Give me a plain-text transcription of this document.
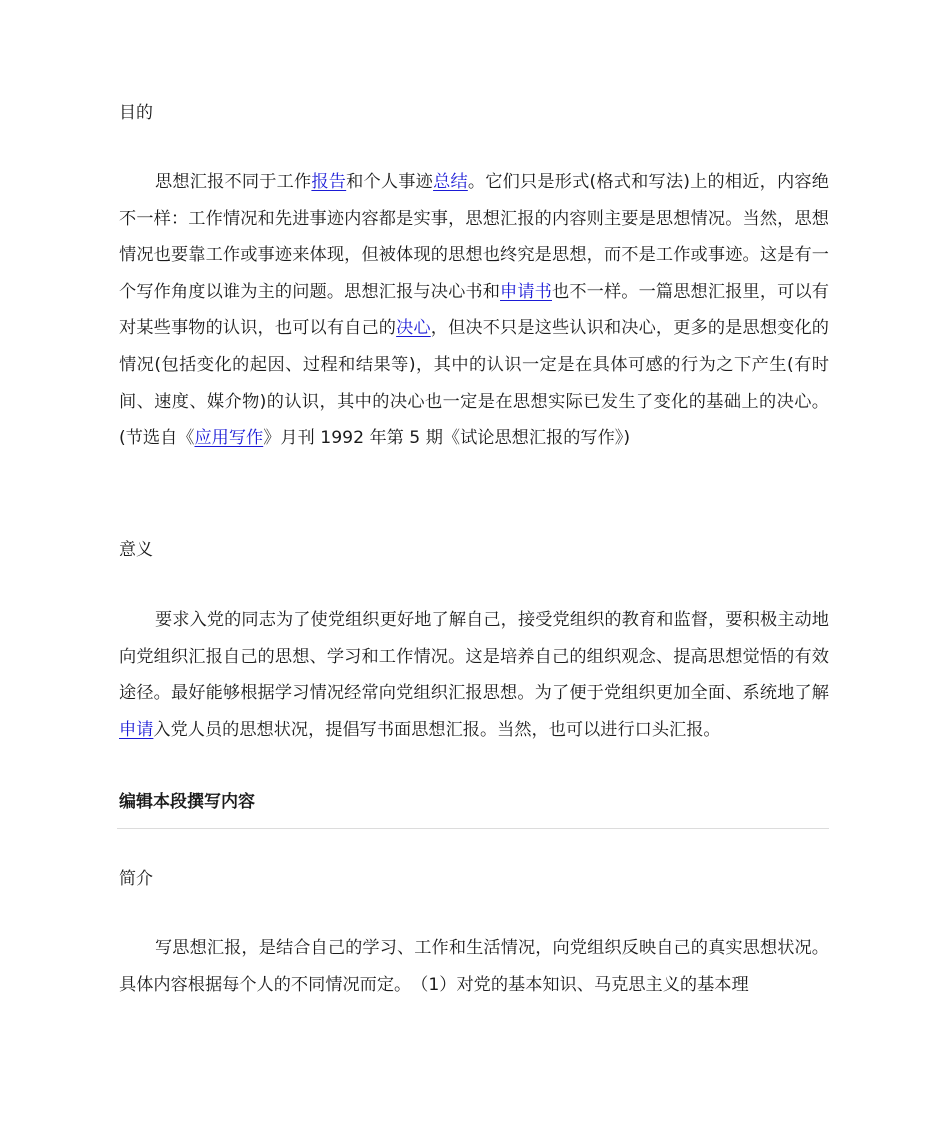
目的

思想汇报不同于工作报告和个人事迹总结。它们只是形式(格式和写法)上的相近，内容绝不一样：工作情况和先进事迹内容都是实事，思想汇报的内容则主要是思想情况。当然，思想情况也要靠工作或事迹来体现，但被体现的思想也终究是思想，而不是工作或事迹。这是有一个写作角度以谁为主的问题。思想汇报与决心书和申请书也不一样。一篇思想汇报里，可以有对某些事物的认识，也可以有自己的决心，但决不只是这些认识和决心，更多的是思想变化的情况(包括变化的起因、过程和结果等)，其中的认识一定是在具体可感的行为之下产生(有时间、速度、媒介物)的认识，其中的决心也一定是在思想实际已发生了变化的基础上的决心。(节选自《应用写作》月刊 1992 年第 5 期《试论思想汇报的写作》)

意义

要求入党的同志为了使党组织更好地了解自己，接受党组织的教育和监督，要积极主动地向党组织汇报自己的思想、学习和工作情况。这是培养自己的组织观念、提高思想觉悟的有效途径。最好能够根据学习情况经常向党组织汇报思想。为了便于党组织更加全面、系统地了解申请入党人员的思想状况，提倡写书面思想汇报。当然，也可以进行口头汇报。

编辑本段撰写内容
简介

写思想汇报，是结合自己的学习、工作和生活情况，向党组织反映自己的真实思想状况。具体内容根据每个人的不同情况而定。　（1）对党的基本知识、马克思主义的基本理
